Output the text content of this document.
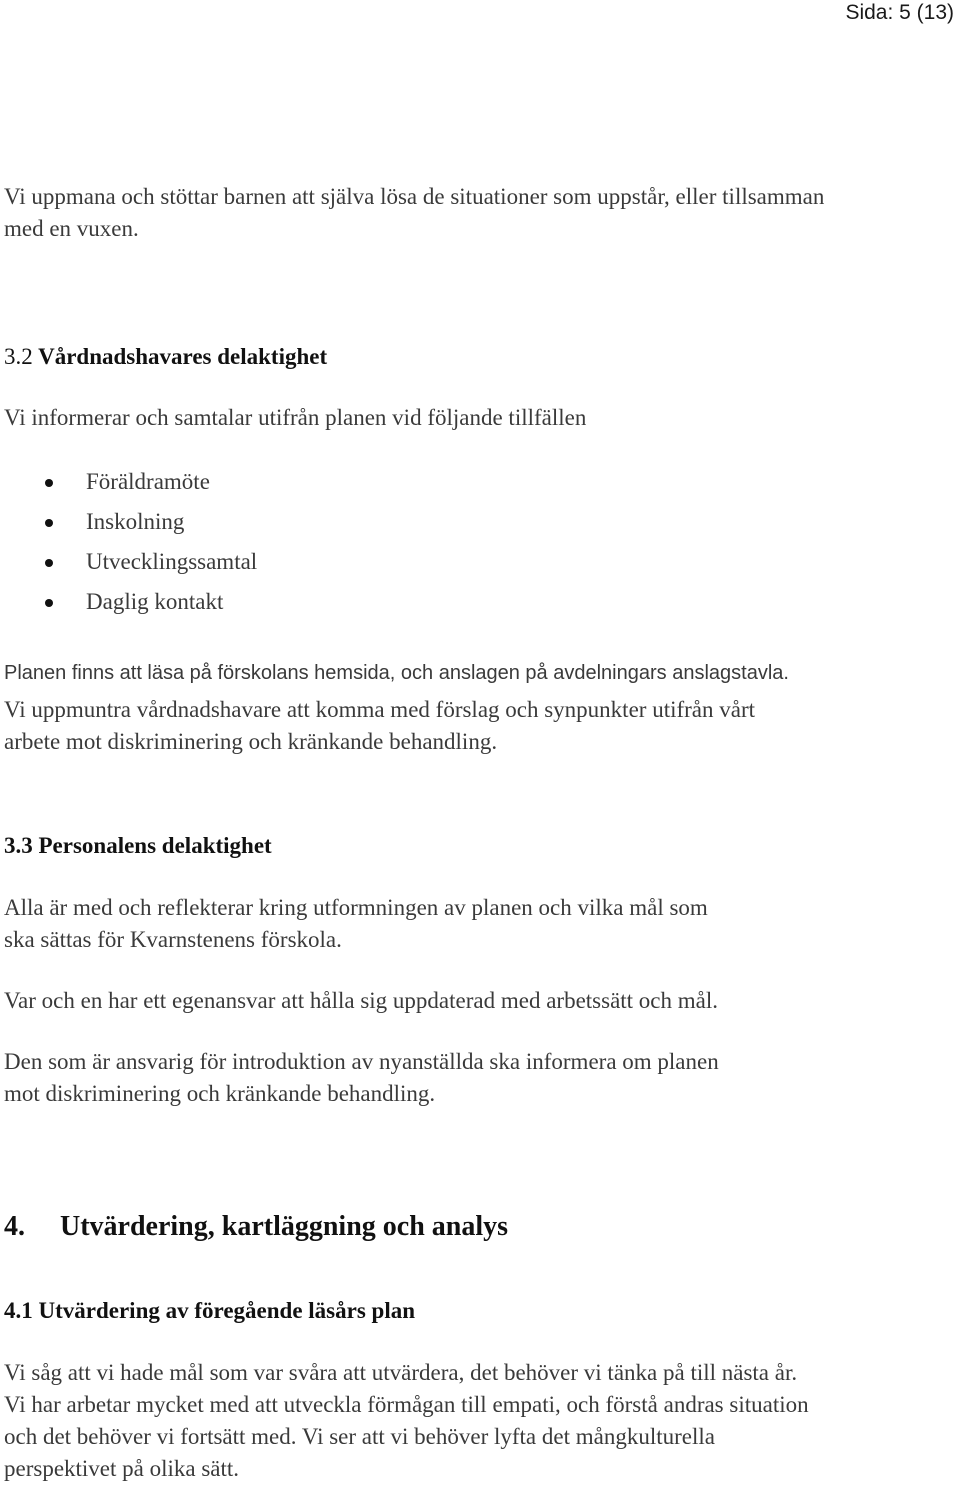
Sida: 5 (13)

Vi uppmana och stöttar barnen att själva lösa de situationer som uppstår, eller tillsamman
med en vuxen.

3.2 Vårdnadshavares delaktighet

Vi informerar och samtalar utifrån planen vid följande tillfällen

Föräldramöte
Inskolning
Utvecklingssamtal
Daglig kontakt

Planen finns att läsa på förskolans hemsida, och anslagen på avdelningars anslagstavla.

Vi uppmuntra vårdnadshavare att komma med förslag och synpunkter utifrån vårt
arbete mot diskriminering och kränkande behandling.

3.3 Personalens delaktighet

Alla är med och reflekterar kring utformningen av planen och vilka mål som
ska sättas för Kvarnstenens förskola.

Var och en har ett egenansvar att hålla sig uppdaterad med arbetssätt och mål.

Den som är ansvarig för introduktion av nyanställda ska informera om planen
mot diskriminering och kränkande behandling.

4. Utvärdering, kartläggning och analys
4.1 Utvärdering av föregående läsårs plan

Vi såg att vi hade mål som var svåra att utvärdera, det behöver vi tänka på till nästa år.
Vi har arbetar mycket med att utveckla förmågan till empati, och förstå andras situation
och det behöver vi fortsätt med. Vi ser att vi behöver lyfta det mångkulturella
perspektivet på olika sätt.
